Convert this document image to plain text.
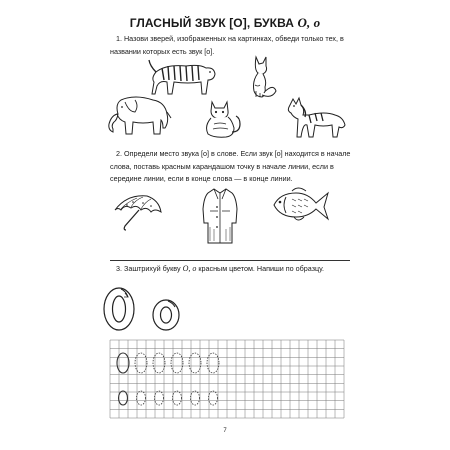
ГЛАСНЫЙ ЗВУК [О], БУКВА О, о
1. Назови зверей, изображенных на картинках, обведи только тех, в названии которых есть звук [о].
2. Определи место звука [о] в слове. Если звук [о] находится в начале слова, поставь красным карандашом точку в начале линии, если в середине линии, если в конце слова — в конце линии.
3. Заштрихуй букву О, о красным цветом. Напиши по образцу.
7
